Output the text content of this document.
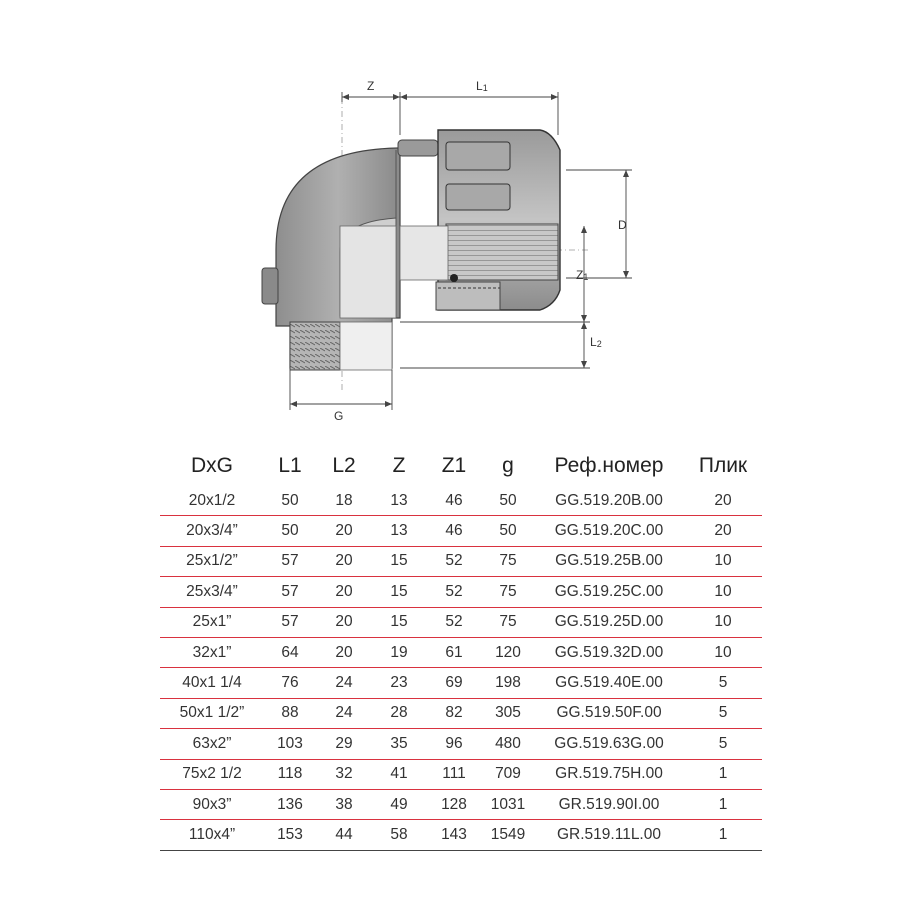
Z	L1
D
Z1
L2
G
DxG	L1	L2	Z	Z1	g	Реф.номер	Плик
20x1/2	50	18	13	46	50	GG.519.20B.00	20
20x3/4”	50	20	13	46	50	GG.519.20C.00	20
25x1/2”	57	20	15	52	75	GG.519.25B.00	10
25x3/4”	57	20	15	52	75	GG.519.25C.00	10
25x1”	57	20	15	52	75	GG.519.25D.00	10
32x1”	64	20	19	61	120	GG.519.32D.00	10
40x1 1/4	76	24	23	69	198	GG.519.40E.00	5
50x1 1/2”	88	24	28	82	305	GG.519.50F.00	5
63x2”	103	29	35	96	480	GG.519.63G.00	5
75x2 1/2	118	32	41	111	709	GR.519.75H.00	1
90x3”	136	38	49	128	1031	GR.519.90I.00	1
110x4”	153	44	58	143	1549	GR.519.11L.00	1
